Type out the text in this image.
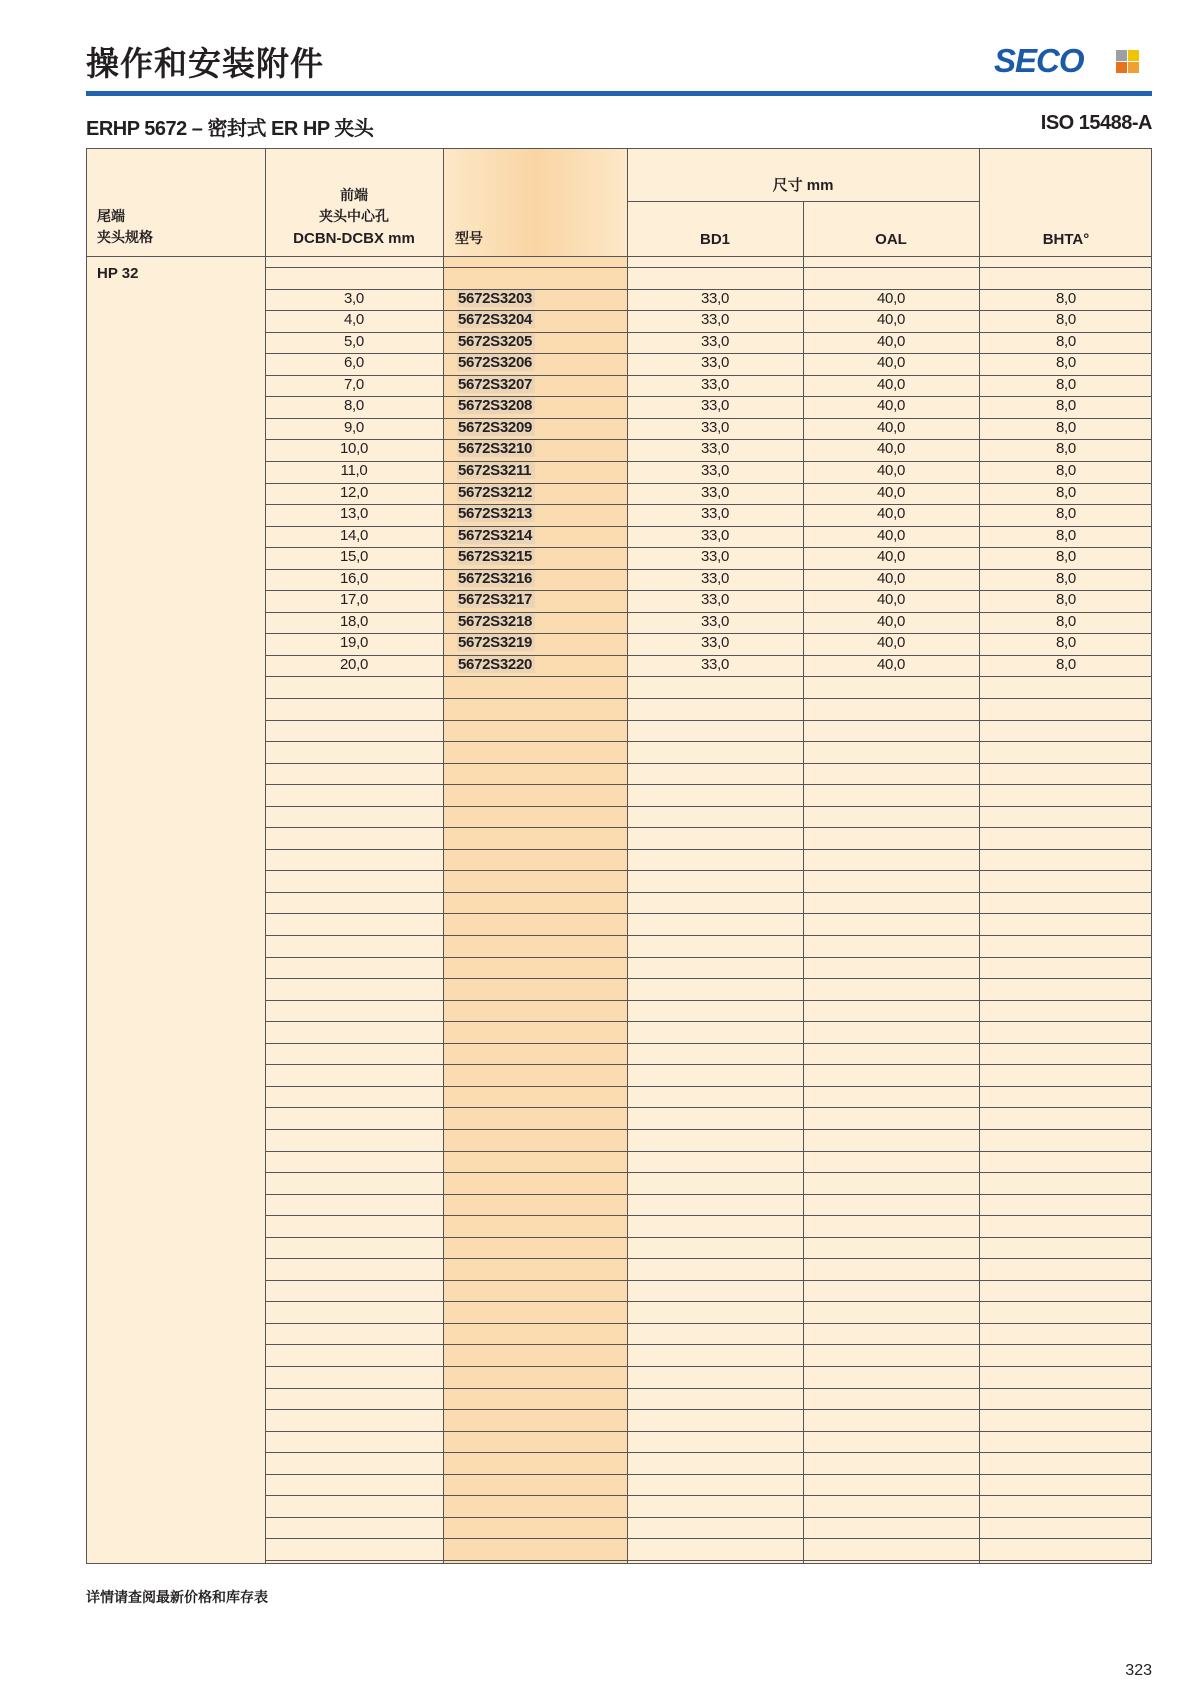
操作和安装附件	SECO
ERHP 5672 – 密封式 ER HP 夹头	ISO 15488-A
尾端
夹头规格
前端
夹头中心孔
DCBN-DCBX mm	型号
尺寸 mm
BD1	OAL	BHTA°
HP 32
3,0	5672S3203	33,0	40,0	8,0
4,0	5672S3204	33,0	40,0	8,0
5,0	5672S3205	33,0	40,0	8,0
6,0	5672S3206	33,0	40,0	8,0
7,0	5672S3207	33,0	40,0	8,0
8,0	5672S3208	33,0	40,0	8,0
9,0	5672S3209	33,0	40,0	8,0
10,0	5672S3210	33,0	40,0	8,0
11,0	5672S3211	33,0	40,0	8,0
12,0	5672S3212	33,0	40,0	8,0
13,0	5672S3213	33,0	40,0	8,0
14,0	5672S3214	33,0	40,0	8,0
15,0	5672S3215	33,0	40,0	8,0
16,0	5672S3216	33,0	40,0	8,0
17,0	5672S3217	33,0	40,0	8,0
18,0	5672S3218	33,0	40,0	8,0
19,0	5672S3219	33,0	40,0	8,0
20,0	5672S3220	33,0	40,0	8,0
详情请查阅最新价格和库存表
323
